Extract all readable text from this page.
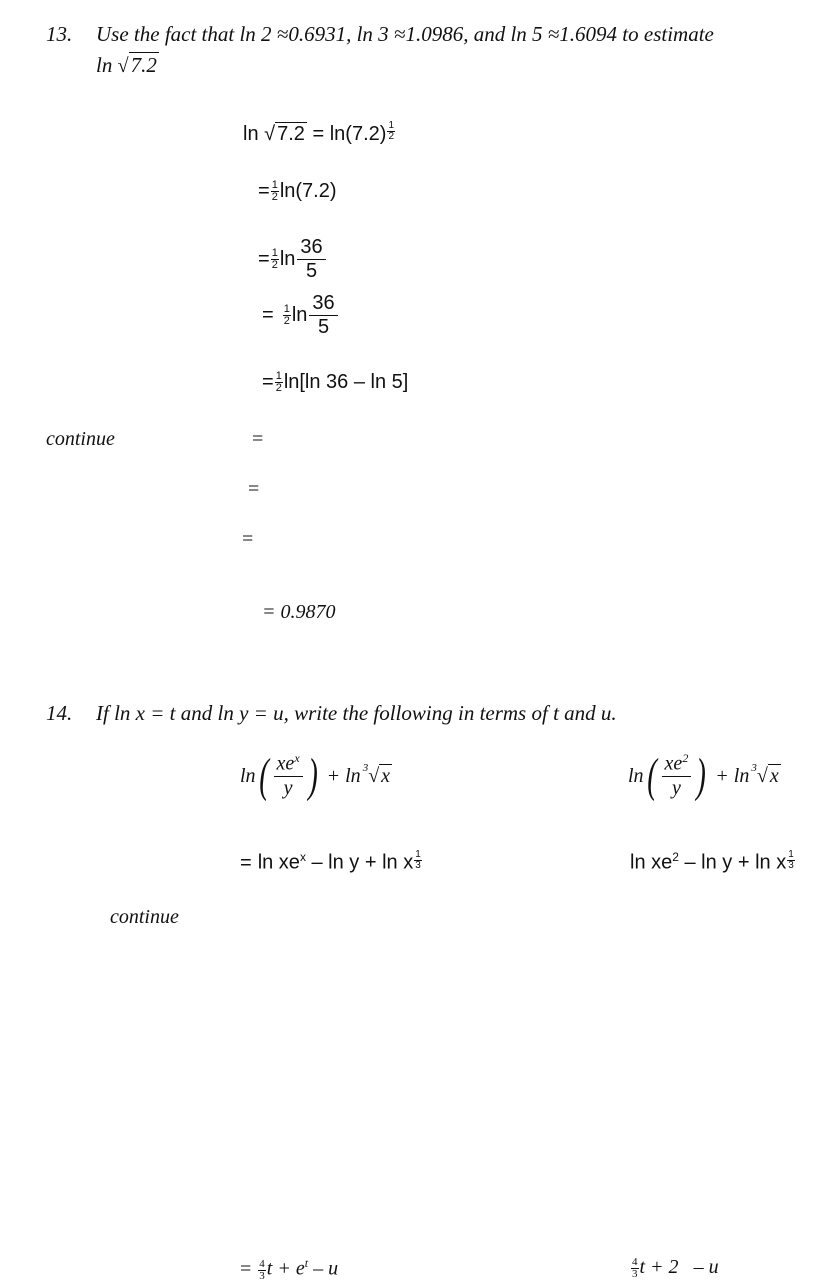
13. Use the fact that ln 2 ≈0.6931, ln 3 ≈1.0986, and ln 5 ≈1.6094 to estimate
ln √7.2
ln √ $7.2 = \ln(7.2) \frac{1}{2}$
= $\frac{1}{2} \ln(7.2)$
= $\frac{1}{2}$ $\ln \frac{36}{5}$
= $\frac{1}{2}$ $\ln \frac{36}{5}$
= $\frac{1}{2} \ln[\ln$ 36 – ln 5]
continue	=
=
=
= 0.9870
14. If ln x = t and ln y = u, write the following in terms of t and u.
ln ( $\frac{xe^x}{y}$ ) + ln 3 √ x	ln ( $\frac{xe^2}{y}$ ) + ln 3 √ x
= $\ln xe^x - \ln y + \ln x \frac{1}{3}$	$\ln xe^2 - \ln y + \ln x \frac{1}{3}$
continue
= $\frac{4}{3}$ $t + e^t - u$	$\frac{4}{3}$ t + 2 – u
